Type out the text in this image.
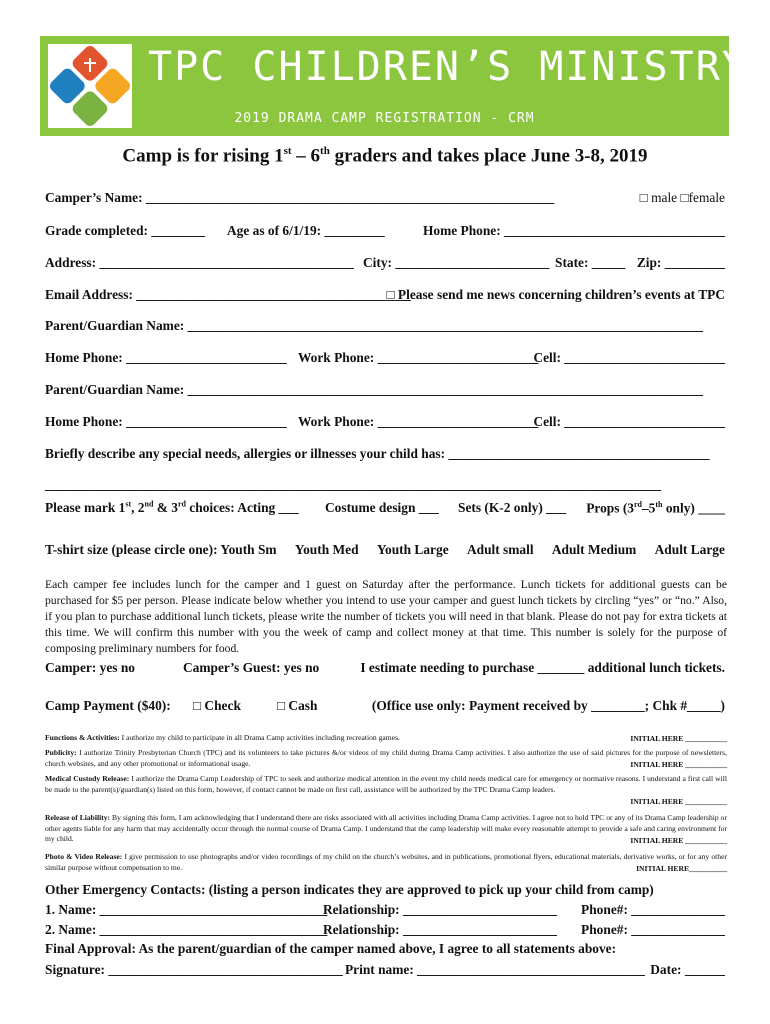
TPC CHILDREN’S MINISTRY
2019 DRAMA CAMP REGISTRATION - CRM
Camp is for rising 1st – 6th graders and takes place June 3-8, 2019
Camper’s Name: _____________________________________________________________	□ male □female
Grade completed: ________ Age as of 6/1/19: _________	Home Phone: _________________________________
Address: ______________________________________ City: _______________________ State: _____ Zip: _________
Email Address: _________________________________________
□ Please send me news concerning children’s events at TPC
Parent/Guardian Name: _____________________________________________________________________________
Home Phone: ________________________ Work Phone: ________________________
Cell: ________________________
Parent/Guardian Name: _____________________________________________________________________________
Home Phone: ________________________ Work Phone: ________________________
Cell: ________________________
Briefly describe any special needs, allergies or illnesses your child has: _______________________________________
____________________________________________________________________________________________
Please mark 1st, 2nd & 3rd choices: Acting ___ Costume design ___ Sets (K-2 only) ___ Props (3rd–5th only) ____
T-shirt size (please circle one): Youth Sm Youth Med Youth Large Adult small Adult Medium Adult Large
Each camper fee includes lunch for the camper and 1 guest on Saturday after the performance. Lunch tickets for additional guests can be purchased for $5 per person. Please indicate below whether you intend to use your camper and guest lunch tickets by circling “yes” or “no.” Also, if you plan to purchase additional lunch tickets, please write the number of tickets you will need in that blank. Please do not pay for extra tickets at this time. We will confirm this number with you the week of camp and collect money at that time. This number is solely for the purpose of composing preliminary numbers for food.
Camper: yes no	Camper’s Guest: yes no	I estimate needing to purchase _______ additional lunch tickets.
Camp Payment ($40): □ Check	□ Cash	(Office use only: Payment received by ________; Chk #_____)
Functions & Activities: I authorize my child to participate in all Drama Camp activities including recreation games.	INITIAL HERE ___________
Publicity: I authorize Trinity Presbyterian Church (TPC) and its volunteers to take pictures &/or videos of my child during Drama Camp activities. I also authorize the use of said pictures for the purpose of newsletters, church websites, and any other promotional or informational usage.	INITIAL HERE ___________
Medical Custody Release: I authorize the Drama Camp Leadership of TPC to seek and authorize medical attention in the event my child needs medical care for emergency or normative reasons. I understand a first call will be made to the parent(s)/guardian(s) listed on this form, however, if contact cannot be made on first call, assistance will be authorized by the TPC Drama Camp leaders.
INITIAL HERE ___________
Release of Liability: By signing this form, I am acknowledging that I understand there are risks associated with all activities including Drama Camp activities. I agree not to hold TPC or any of its Drama Camp leadership or other agents liable for any harm that may accidentally occur through the normal course of Drama Camp. I understand that the camp leadership will make every reasonable attempt to provide a safe and caring environment for my child.	INITIAL HERE ___________
Photo & Video Release: I give permission to use photographs and/or video recordings of my child on the church’s websites, and in publications, promotional flyers, educational materials, derivative works, or for any other similar purpose without compensation to me.	INITIAL HERE__________
Other Emergency Contacts: (listing a person indicates they are approved to pick up your child from camp)
1. Name: __________________________________
Relationship: _______________________ Phone#: ______________
2. Name: __________________________________
Relationship: _______________________ Phone#: ______________
Final Approval: As the parent/guardian of the camper named above, I agree to all statements above:
Signature: ___________________________________ Print name: __________________________________ Date: ______
